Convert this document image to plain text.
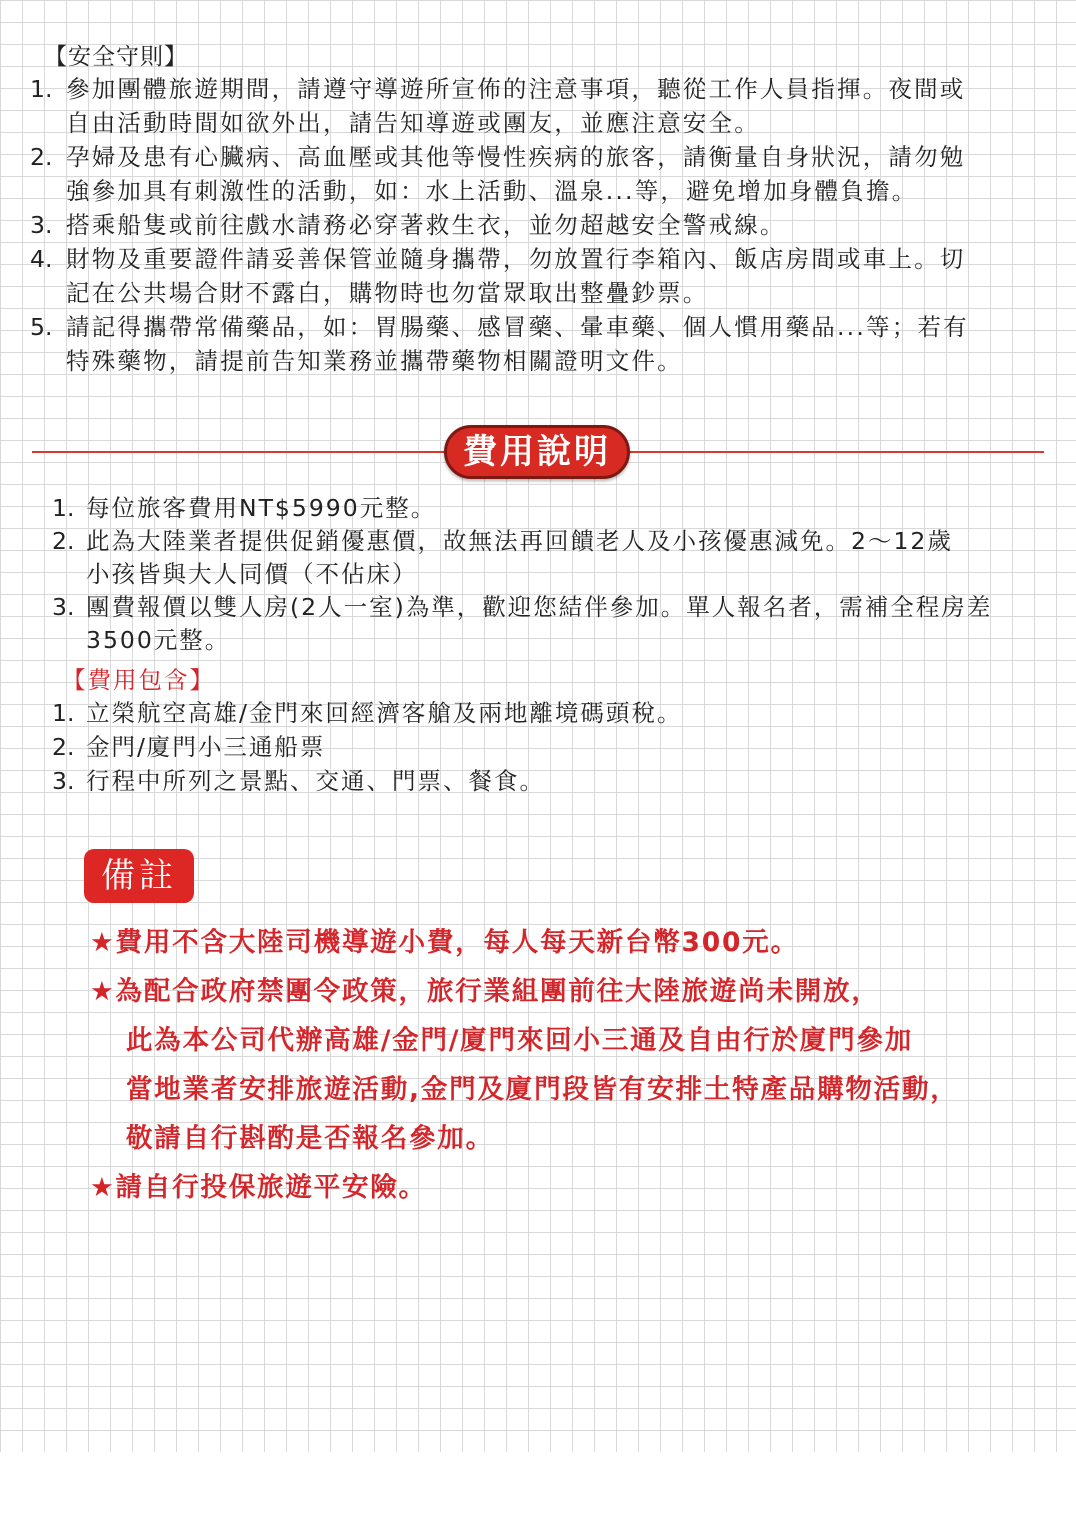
【安全守則】
1. 參加團體旅遊期間，請遵守導遊所宣佈的注意事項，聽從工作人員指揮。夜間或
自由活動時間如欲外出，請告知導遊或團友，並應注意安全。
2. 孕婦及患有心臟病、高血壓或其他等慢性疾病的旅客，請衡量自身狀況，請勿勉
強參加具有刺激性的活動，如：水上活動、溫泉...等，避免增加身體負擔。
3. 搭乘船隻或前往戲水請務必穿著救生衣，並勿超越安全警戒線。
4. 財物及重要證件請妥善保管並隨身攜帶，勿放置行李箱內、飯店房間或車上。切
記在公共場合財不露白，購物時也勿當眾取出整疊鈔票。
5. 請記得攜帶常備藥品，如：胃腸藥、感冒藥、暈車藥、個人慣用藥品...等；若有
特殊藥物，請提前告知業務並攜帶藥物相關證明文件。
費用說明
1. 每位旅客費用NT$5990元整。
2. 此為大陸業者提供促銷優惠價，故無法再回饋老人及小孩優惠減免。2～12歲
小孩皆與大人同價（不佔床）
3. 團費報價以雙人房(2人一室)為準，歡迎您結伴參加。單人報名者，需補全程房差
3500元整。
【費用包含】
1. 立榮航空高雄/金門來回經濟客艙及兩地離境碼頭稅。
2. 金門/廈門小三通船票
3. 行程中所列之景點、交通、門票、餐食。
備註
★費用不含大陸司機導遊小費，每人每天新台幣300元。
★為配合政府禁團令政策，旅行業組團前往大陸旅遊尚未開放，
此為本公司代辦高雄/金門/廈門來回小三通及自由行於廈門參加
當地業者安排旅遊活動,金門及廈門段皆有安排土特產品購物活動，
敬請自行斟酌是否報名參加。
★請自行投保旅遊平安險。
